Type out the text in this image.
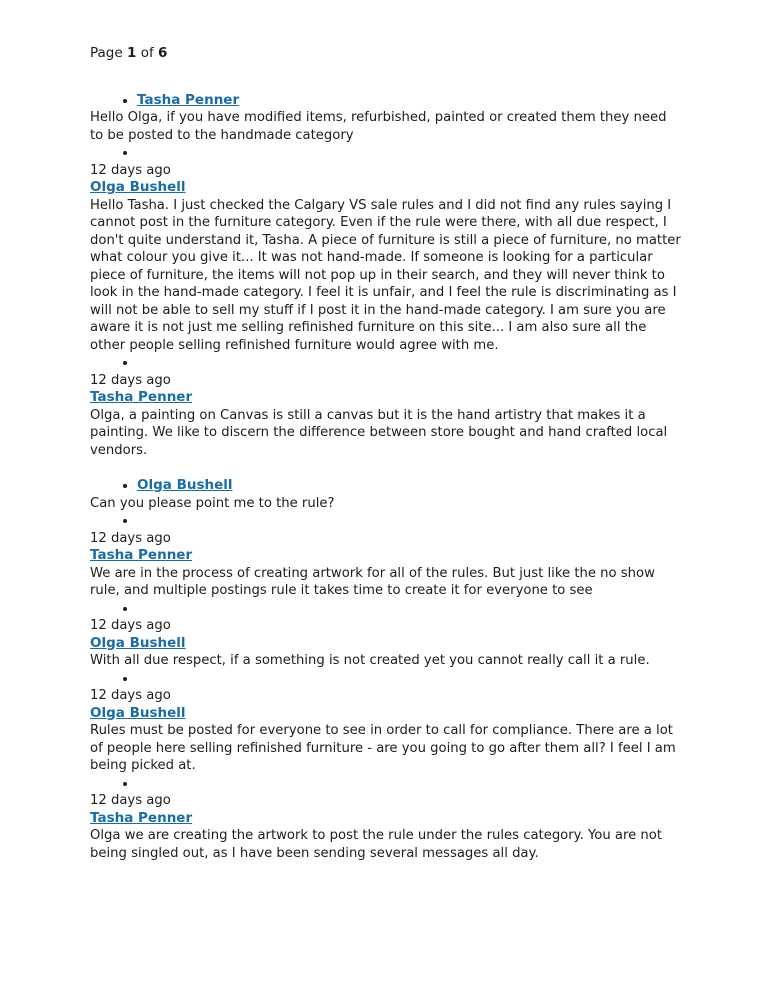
Page 1 of 6

• Tasha Penner

Hello Olga, if you have modified items, refurbished, painted or created them they need to be posted to the handmade category

• ​

12 days ago

Olga Bushell

Hello Tasha. I just checked the Calgary VS sale rules and I did not find any rules saying I cannot post in the furniture category. Even if the rule were there, with all due respect, I don't quite understand it, Tasha. A piece of furniture is still a piece of furniture, no matter what colour you give it... It was not hand-made. If someone is looking for a particular piece of furniture, the items will not pop up in their search, and they will never think to look in the hand-made category. I feel it is unfair, and I feel the rule is discriminating as I will not be able to sell my stuff if I post it in the hand-made category. I am sure you are aware it is not just me selling refinished furniture on this site... I am also sure all the other people selling refinished furniture would agree with me.

• ​

12 days ago

Tasha Penner

Olga, a painting on Canvas is still a canvas but it is the hand artistry that makes it a painting. We like to discern the difference between store bought and hand crafted local vendors.

• Olga Bushell

Can you please point me to the rule?

• ​

12 days ago

Tasha Penner

We are in the process of creating artwork for all of the rules. But just like the no show rule, and multiple postings rule it takes time to create it for everyone to see

• ​

12 days ago

Olga Bushell

With all due respect, if a something is not created yet you cannot really call it a rule.

• ​

12 days ago

Olga Bushell

Rules must be posted for everyone to see in order to call for compliance. There are a lot of people here selling refinished furniture - are you going to go after them all? I feel I am being picked at.

• ​

12 days ago

Tasha Penner

Olga we are creating the artwork to post the rule under the rules category. You are not being singled out, as I have been sending several messages all day.
